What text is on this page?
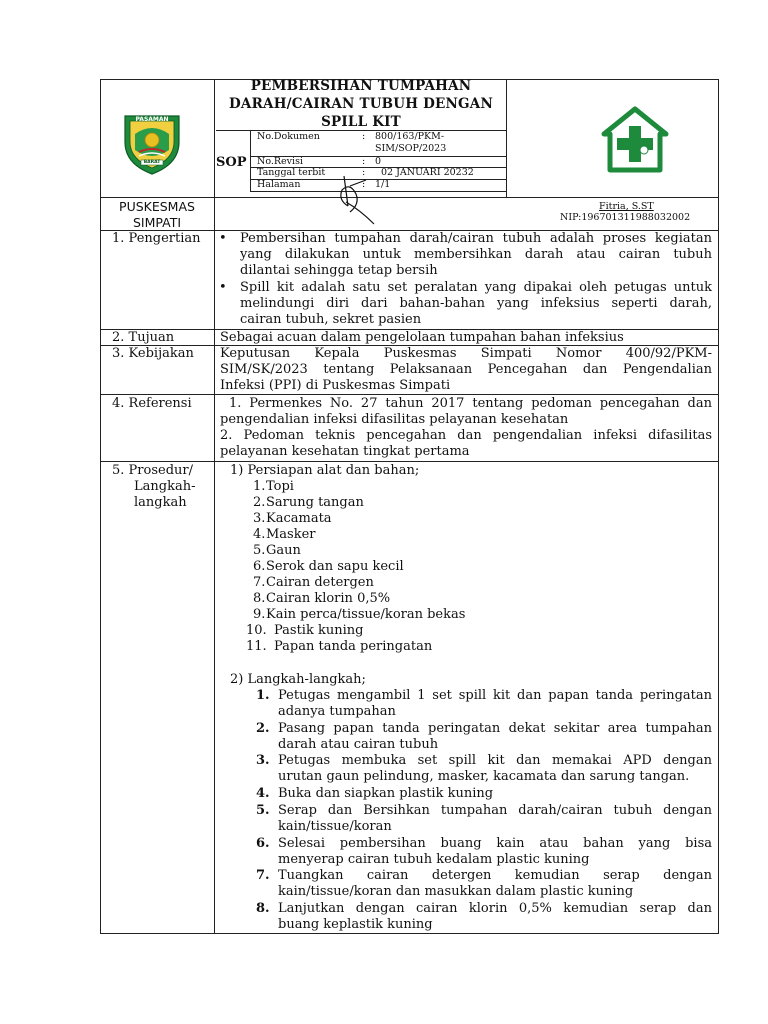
PASAMAN
BARAT
PEMBERSIHAN TUMPAHAN
DARAH/CAIRAN TUBUH DENGAN
SPILL KIT
SOP
No.Dokumen	: 800/163/PKM-
SIM/SOP/2023
No.Revisi	: 0
Tanggal terbit	: 02 JANUARI 20232
Halaman	: 1/1
PUSKESMAS
SIMPATI
Fitria, S.ST
NIP:196701311988032002
1. Pengertian • Pembersihan tumpahan darah/cairan tubuh adalah proses kegiatan
yang dilakukan untuk membersihkan darah atau cairan tubuh
dilantai sehingga tetap bersih
• Spill kit adalah satu set peralatan yang dipakai oleh petugas untuk
melindungi diri dari bahan-bahan yang infeksius seperti darah,
cairan tubuh, sekret pasien
2. Tujuan	Sebagai acuan dalam pengelolaan tumpahan bahan infeksius
3. Kebijakan Keputusan Kepala Puskesmas Simpati Nomor 400/92/PKM-
SIM/SK/2023 tentang Pelaksanaan Pencegahan dan Pengendalian
Infeksi (PPI) di Puskesmas Simpati
4. Referensi	1. Permenkes No. 27 tahun 2017 tentang pedoman pencegahan dan
pengendalian infeksi difasilitas pelayanan kesehatan
2. Pedoman teknis pencegahan dan pengendalian infeksi difasilitas
pelayanan kesehatan tingkat pertama
5. Prosedur/
Langkah-
langkah
1) Persiapan alat dan bahan;
1. Topi
2. Sarung tangan
3. Kacamata
4. Masker
5. Gaun
6. Serok dan sapu kecil
7. Cairan detergen
8. Cairan klorin 0,5%
9. Kain perca/tissue/koran bekas
10. Pastik kuning
11. Papan tanda peringatan
2) Langkah-langkah;
1. Petugas mengambil 1 set spill kit dan papan tanda peringatan
adanya tumpahan
2. Pasang papan tanda peringatan dekat sekitar area tumpahan
darah atau cairan tubuh
3. Petugas membuka set spill kit dan memakai APD dengan
urutan gaun pelindung, masker, kacamata dan sarung tangan.
4. Buka dan siapkan plastik kuning
5. Serap dan Bersihkan tumpahan darah/cairan tubuh dengan
kain/tissue/koran
6. Selesai pembersihan buang kain atau bahan yang bisa
menyerap cairan tubuh kedalam plastic kuning
7. Tuangkan cairan detergen kemudian serap dengan
kain/tissue/koran dan masukkan dalam plastic kuning
8. Lanjutkan dengan cairan klorin 0,5% kemudian serap dan
buang keplastik kuning
